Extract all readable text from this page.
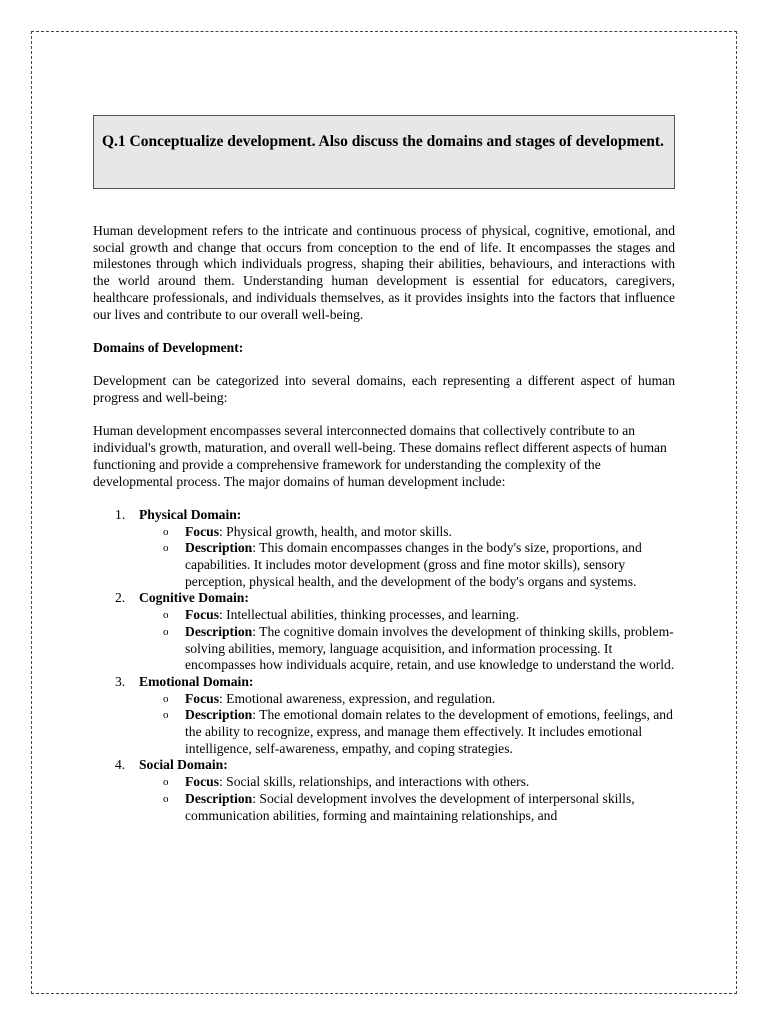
Q.1 Conceptualize development. Also discuss the domains and stages of development.

Human development refers to the intricate and continuous process of physical, cognitive, emotional, and social growth and change that occurs from conception to the end of life. It encompasses the stages and milestones through which individuals progress, shaping their abilities, behaviours, and interactions with the world around them. Understanding human development is essential for educators, caregivers, healthcare professionals, and individuals themselves, as it provides insights into the factors that influence our lives and contribute to our overall well-being.

Domains of Development:

Development can be categorized into several domains, each representing a different aspect of human progress and well-being:

Human development encompasses several interconnected domains that collectively contribute to an individual's growth, maturation, and overall well-being. These domains reflect different aspects of human functioning and provide a comprehensive framework for understanding the complexity of the developmental process. The major domains of human development include:

1. Physical Domain:
o Focus: Physical growth, health, and motor skills.
o Description: This domain encompasses changes in the body's size, proportions, and capabilities. It includes motor development (gross and fine motor skills), sensory perception, physical health, and the development of the body's organs and systems.
2. Cognitive Domain:
o Focus: Intellectual abilities, thinking processes, and learning.
o Description: The cognitive domain involves the development of thinking skills, problem-solving abilities, memory, language acquisition, and information processing. It encompasses how individuals acquire, retain, and use knowledge to understand the world.
3. Emotional Domain:
o Focus: Emotional awareness, expression, and regulation.
o Description: The emotional domain relates to the development of emotions, feelings, and the ability to recognize, express, and manage them effectively. It includes emotional intelligence, self-awareness, empathy, and coping strategies.
4. Social Domain:
o Focus: Social skills, relationships, and interactions with others.
o Description: Social development involves the development of interpersonal skills, communication abilities, forming and maintaining relationships, and
